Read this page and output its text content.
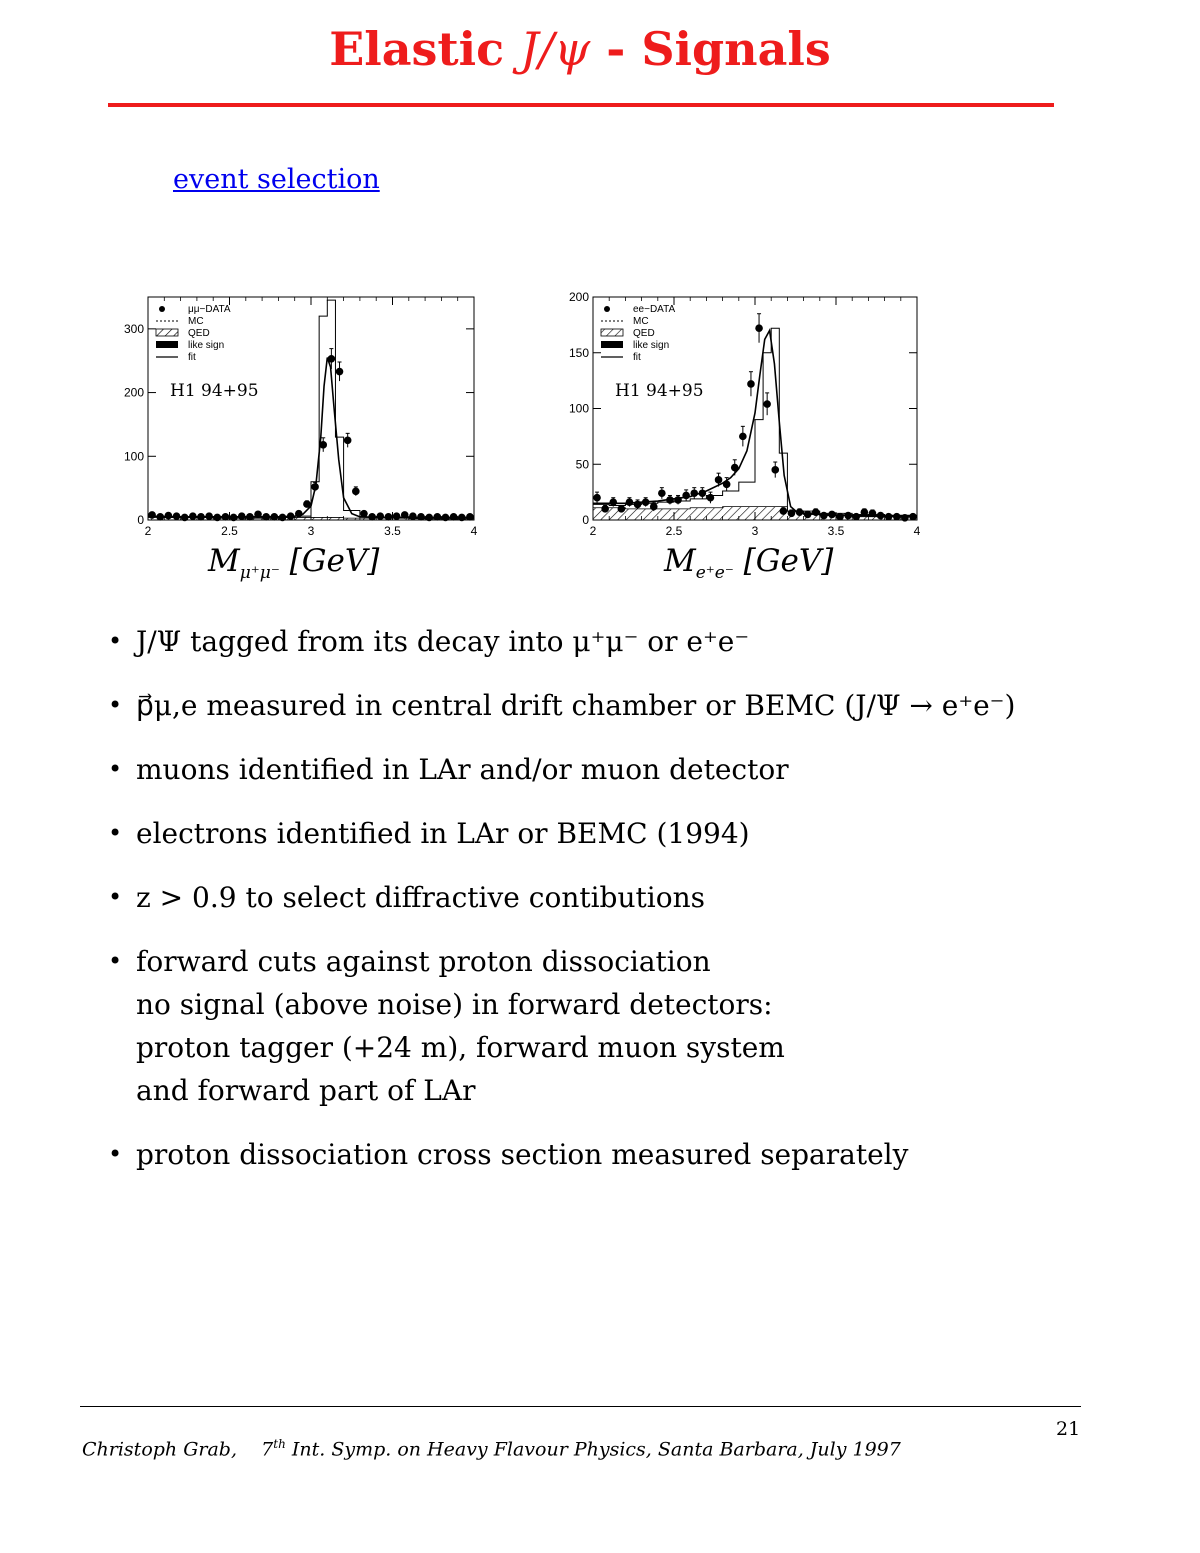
Elastic J/ψ - Signals
event selection
2	2.5	3	3.5	4
0
100
200
300
μμ−DATA
MC
QED
like sign
fit
H1 94+95
2	2.5	3	3.5	4
0
50
100
150
200
ee−DATA
MC
QED
like sign
fit
H1 94+95
$M_{\mu^+\mu^-}$ [GeV]	$M_{e^+e^-}$ [GeV]
• J/Ψ tagged from its decay into μ⁺μ⁻ or e⁺e⁻
• p⃗μ,e measured in central drift chamber or BEMC (J/Ψ → e⁺e⁻)
• muons identified in LAr and/or muon detector
• electrons identified in LAr or BEMC (1994)
• z > 0.9 to select diffractive contibutions
• forward cuts against proton dissociation
no signal (above noise) in forward detectors:
proton tagger (+24 m), forward muon system
and forward part of LAr
• proton dissociation cross section measured separately
21
Christoph Grab, 7th Int. Symp. on Heavy Flavour Physics, Santa Barbara, July 1997
